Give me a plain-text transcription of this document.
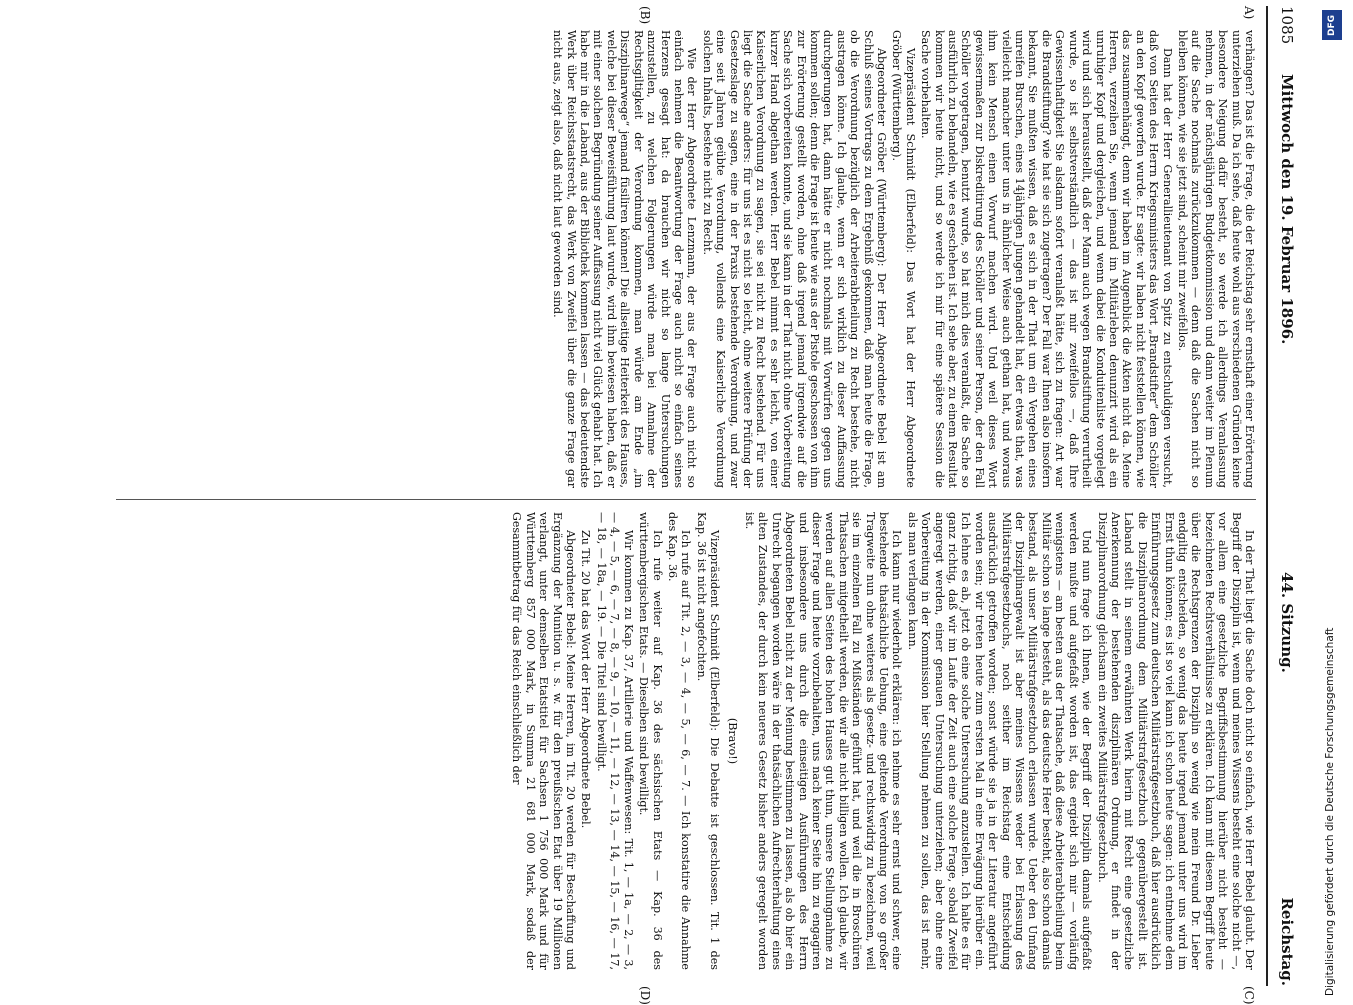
1085
Mittwoch den 19. Februar 1896.
44. Sitzung.
Reichstag.
A)
(B)
(C)
(D)

verhängen? Das ist die Frage, die der Reichstag sehr ernsthaft einer Erörterung unterziehen muß. Da ich sehe, daß heute wohl aus verschiedenen Gründen keine besondere Neigung dafür besteht, so werde ich allerdings Veranlassung nehmen, in der nächstjährigen Budgetkommission und dann weiter im Plenum auf die Sache nochmals zurückzukommen — denn daß die Sachen nicht so bleiben können, wie sie jetzt sind, scheint mir zweifellos.

Dann hat der Herr Generallieutenant von Spitz zu entschuldigen versucht, daß von Seiten des Herrn Kriegsministers das Wort „Brandstifter“ dem Schöller an den Kopf geworfen wurde. Er sagte: wir haben nicht feststellen können, wie das zusammenhängt, denn wir haben im Augenblick die Akten nicht da. Meine Herren, verzeihen Sie, wenn jemand im Militärleben denunzirt wird als ein unruhiger Kopf und dergleichen, und wenn dabei die Konduitenliste vorgelegt wird und sich herausstellt, daß der Mann auch wegen Brandstiftung verurtheilt wurde, so ist selbstverständlich — das ist mir zweifellos —, daß Ihre Gewissenhaftigkeit Sie alsdann sofort veranlaßt hätte, sich zu fragen: Art war die Brandstiftung? wie hat sie sich zugetragen? Der Fall war Ihnen also insofern bekannt, Sie mußten wissen, daß es sich in der That um ein Vergehen eines unreifen Burschen, eines 14jährigen Jungen gehandelt hat, der etwas that, was vielleicht mancher unter uns in ähnlicher Weise auch gethan hat, und woraus ihm kein Mensch einen Vorwurf machen wird. Und weil dieses Wort gewissermaßen zur Diskreditirung des Schöller und seiner Person, der den Fall Schöller vorgetragen, benutzt wurde, so hat mich dies veranlaßt, die Sache so ausführlich zu behandeln, wie es geschehen ist. Ich sehe aber, zu einem Resultat kommen wir heute nicht, und so werde ich mir für eine spätere Session die Sache vorbehalten.

Vizepräsident Schmidt (Elberfeld): Das Wort hat der Herr Abgeordnete Gröber (Württemberg).

Abgeordneter Gröber (Württemberg): Der Herr Abgeordnete Bebel ist am Schluß seines Vortrags zu dem Ergebniß gekommen, daß man heute die Frage, ob die Verordnung bezüglich der Arbeiterabtheilung zu Recht bestehe, nicht austragen könne. Ich glaube, wenn er sich wirklich zu dieser Auffassung durchgerungen hat, dann hätte er nicht nochmals mit Vorwürfen gegen uns kommen sollen; denn die Frage ist heute wie aus der Pistole geschossen von ihm zur Erörterung gestellt worden, ohne daß irgend jemand irgendwie auf die Sache sich vorbereiten konnte, und sie kann in der That nicht ohne Vorbereitung kurzer Hand abgethan werden. Herr Bebel nimmt es sehr leicht, von einer Kaiserlichen Verordnung zu sagen, sie sei nicht zu Recht bestehend. Für uns liegt die Sache anders: für uns ist es nicht so leicht, ohne weitere Prüfung der Gesetzeslage zu sagen, eine in der Praxis bestehende Verordnung, und zwar eine seit Jahren geübte Verordnung, vollends eine Kaiserliche Verordnung solchen Inhalts, bestehe nicht zu Recht.

Wie der Herr Abgeordnete Lenzmann, der aus der Frage auch nicht so einfach nehmen die Beantwortung der Frage auch nicht so einfach seines Herzens gesagt hat: da brauchen wir nicht so lange Untersuchungen anzustellen, zu welchen Folgerungen würde man bei Annahme der Rechtsgiltigkeit der Verordnung kommen, man würde am Ende „im Disziplinarwege“ jemand füsiliren können! Die allseitige Heiterkeit des Hauses, welche bei dieser Beweisführung laut wurde, wird ihm bewiesen haben, daß er mit einer solchen Begründung seiner Auffassung nicht viel Glück gehabt hat. Ich habe mir in die Laband, aus der Bibliothek kommen lassen — das bedeutendste Werk über Reichsstaatsrecht, das Werk von Zweifel über die ganze Frage gar nicht aus, zeigt also, daß nicht laut geworden sind.

In der That liegt die Sache doch nicht so einfach, wie Herr Bebel glaubt. Der Begriff der Disziplin ist, wenn und meines Wissens besteht eine solche nicht —, vor allem eine gesetzliche Begriffsbestimmung hierüber nicht besteht — bezeichneten Rechtsverhältnisse zu erklären. Ich kann mit diesem Begriff heute über die Rechtsgrenzen der Disziplin so wenig wie mein Freund Dr. Lieber endgiltig entscheiden, so wenig das heute irgend jemand unter uns wird im Ernst thun können; es ist so viel kann ich schon heute sagen: ich entnehme dem Einführungsgesetz zum deutschen Militärstrafgesetzbuch, daß hier ausdrücklich die Disziplinarordnung dem Militärstrafgesetzbuch gegenübergestellt ist. Laband stellt in seinem erwähnten Werk hierin mit Recht eine gesetzliche Anerkennung der bestehenden disziplinären Ordnung, er findet in der Disziplinarordnung gleichsam ein zweites Militärstrafgesetzbuch.

Und nun frage ich Ihnen, wie der Begriff der Disziplin damals aufgefaßt werden mußte und aufgefaßt worden ist, das ergiebt sich mir — vorläufig wenigstens — am besten aus der Thatsache, daß diese Arbeiterabtheilung beim Militär schon so lange besteht, als das deutsche Heer besteht, also schon damals bestand, als unser Militärstrafgesetzbuch erlassen wurde. Ueber den Umfang der Disziplinargewalt ist aber meines Wissens weder bei Erlassung des Militärstrafgesetzbuchs, noch seither im Reichstag eine Entscheidung ausdrücklich getroffen worden; sonst würde sie ja in der Literatur angeführt worden sein; wir treten heute zum ersten Mal in eine Erwägung hierüber ein. Ich lehne es ab, jetzt ob eine solche Untersuchung anzustellen. Ich halte es für ganz richtig, daß wir im Laufe der Zeit auch eine solche Frage, sobald Zweifel angeregt werden, einer genauen Untersuchung unterziehen; aber ohne eine Vorbereitung in der Kommission hier Stellung nehmen zu sollen, das ist mehr, als man verlangen kann.

Ich kann nur wiederholt erklären: ich nehme es sehr ernst und schwer, eine bestehende thatsächliche Uebung, eine geltende Verordnung von so großer Tragweite nun ohne weiteres als gesetz- und rechtswidrig zu bezeichnen, weil sie im einzelnen Fall zu Mißständen geführt hat, und weil die in Broschüren Thatsachen mitgetheilt werden, die wir alle nicht billigen wollen. Ich glaube, wir werden auf allen Seiten des hohen Hauses gut thun, unsere Stellungnahme zu dieser Frage und heute vorzubehalten, uns nach keiner Seite hin zu engagiren und insbesondere uns durch die einseitigen Ausführungen des Herrn Abgeordneten Bebel nicht zu der Meinung bestimmen zu lassen, als ob hier ein Unrecht begangen worden wäre in der thatsächlichen Aufrechterhaltung eines alten Zustandes, der durch kein neueres Gesetz bisher anders geregelt worden ist.

(Bravo!)

Vizepräsident Schmidt (Elberfeld): Die Debatte ist geschlossen. Tit. 1 des Kap. 36 ist nicht angefochten.

Ich rufe auf Tit. 2, — 3, — 4, — 5, — 6, — 7. — Ich konstatire die Annahme des Kap. 36.

Ich rufe weiter auf Kap. 36 des sächsischen Etats — Kap. 36 des württembergischen Etats. — Dieselben sind bewilligt.

Wir kommen zu Kap. 37, Artillerie und Waffenwesen: Tit. 1, — 1a, — 2, — 3, — 4, — 5, — 6, — 7, — 8, — 9, — 10, — 11, — 12, — 13, — 14, — 15, — 16, — 17, — 18, — 18a, — 19. — Die Titel sind bewilligt.

Zu Tit. 20 hat das Wort der Herr Abgeordnete Bebel.

Abgeordneter Bebel: Meine Herren, im Tit. 20 werden für Beschaffung und Ergänzung der Munition u. s. w. für den preußischen Etat über 19 Millionen verlangt, unter demselben Etatstitel für Sachsen 1 756 000 Mark und für Württemberg 857 000 Mark, in Summa 21 681 000 Mark, sodaß der Gesammtbetrag für das Reich einschließlich der

DFG
Digitalisierung gefördert durch die Deutsche Forschungsgemeinschaft
